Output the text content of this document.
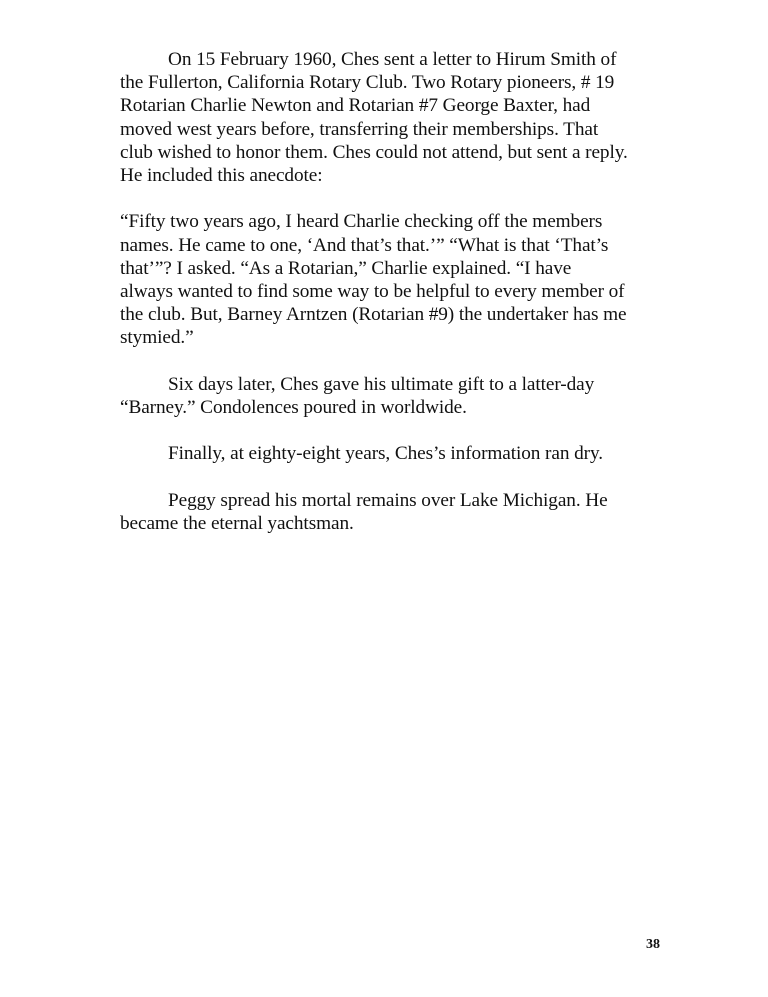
On 15 February 1960, Ches sent a letter to Hirum Smith of
the Fullerton, California Rotary Club. Two Rotary pioneers, # 19
Rotarian Charlie Newton and Rotarian #7 George Baxter, had
moved west years before, transferring their memberships. That
club wished to honor them. Ches could not attend, but sent a reply.
He included this anecdote:

“Fifty two years ago, I heard Charlie checking off the members
names. He came to one, ‘And that’s that.’” “What is that ‘That’s
that’”? I asked. “As a Rotarian,” Charlie explained. “I have
always wanted to find some way to be helpful to every member of
the club. But, Barney Arntzen (Rotarian #9) the undertaker has me
stymied.”

Six days later, Ches gave his ultimate gift to a latter-day
“Barney.” Condolences poured in worldwide.

Finally, at eighty-eight years, Ches’s information ran dry.

Peggy spread his mortal remains over Lake Michigan. He
became the eternal yachtsman.

38
